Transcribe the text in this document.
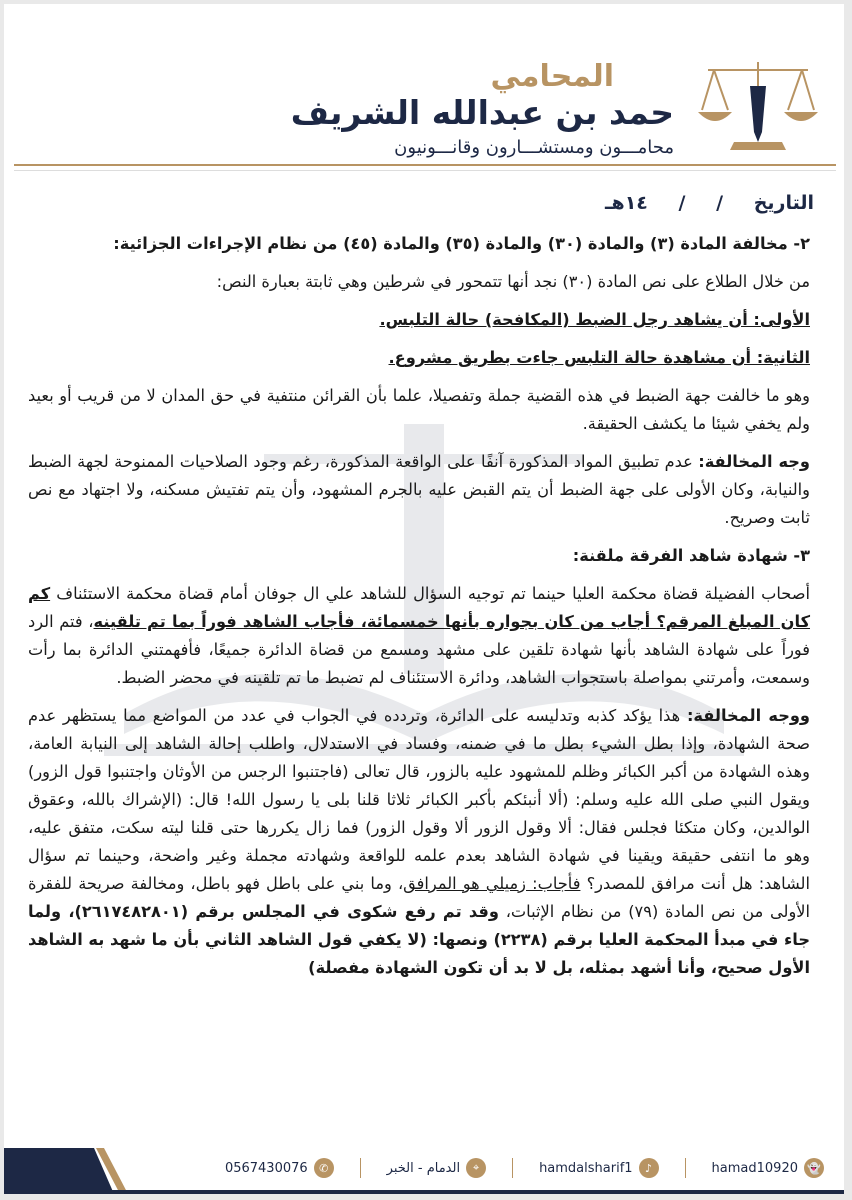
المحامي
حمد بن عبدالله الشريف
محامـــون ومستشـــارون وقانـــونيون
التاريخ / / ١٤هـ

٢- مخالفة المادة (٣) والمادة (٣٠) والمادة (٣٥) والمادة (٤٥) من نظام الإجراءات الجزائية:

من خلال الطلاع على نص المادة (٣٠) نجد أنها تتمحور في شرطين وهي ثابتة بعبارة النص:

الأولى: أن يشاهد رجل الضبط (المكافحة) حالة التلبس.

الثانية: أن مشاهدة حالة التلبس جاءت بطريق مشروع.

وهو ما خالفت جهة الضبط في هذه القضية جملة وتفصيلا، علما بأن القرائن منتفية في حق المدان لا من قريب أو بعيد ولم يخفي شيئا ما يكشف الحقيقة.

وجه المخالفة: عدم تطبيق المواد المذكورة آنفًا على الواقعة المذكورة، رغم وجود الصلاحيات الممنوحة لجهة الضبط والنيابة، وكان الأولى على جهة الضبط أن يتم القبض عليه بالجرم المشهود، وأن يتم تفتيش مسكنه، ولا اجتهاد مع نص ثابت وصريح.

٣- شهادة شاهد الفرقة ملقنة:

أصحاب الفضيلة قضاة محكمة العليا حينما تم توجيه السؤال للشاهد علي ال جوفان أمام قضاة محكمة الاستئناف كم كان المبلغ المرقم؟ أجاب من كان بجواره بأنها خمسمائة، فأجاب الشاهد فوراً بما تم تلقينه، فتم الرد فوراً على شهادة الشاهد بأنها شهادة تلقين على مشهد ومسمع من قضاة الدائرة جميعًا، فأفهمتني الدائرة بما رأت وسمعت، وأمرتني بمواصلة باستجواب الشاهد، ودائرة الاستئناف لم تضبط ما تم تلقينه في محضر الضبط.

ووجه المخالفة: هذا يؤكد كذبه وتدليسه على الدائرة، وتردده في الجواب في عدد من المواضع مما يستظهر عدم صحة الشهادة، وإذا بطل الشيء بطل ما في ضمنه، وفساد في الاستدلال، واطلب إحالة الشاهد إلى النيابة العامة، وهذه الشهادة من أكبر الكبائر وظلم للمشهود عليه بالزور، قال تعالى (فاجتنبوا الرجس من الأوثان واجتنبوا قول الزور) ويقول النبي صلى الله عليه وسلم: (ألا أنبئكم بأكبر الكبائر ثلاثا قلنا بلى يا رسول الله! قال: (الإشراك بالله، وعقوق الوالدين، وكان متكئا فجلس فقال: ألا وقول الزور ألا وقول الزور) فما زال يكررها حتى قلنا ليته سكت، متفق عليه، وهو ما انتفى حقيقة ويقينا في شهادة الشاهد بعدم علمه للواقعة وشهادته مجملة وغير واضحة، وحينما تم سؤال الشاهد: هل أنت مرافق للمصدر؟ فأجاب: زميلي هو المرافق، وما بني على باطل فهو باطل، ومخالفة صريحة للفقرة الأولى من نص المادة (٧٩) من نظام الإثبات، وقد تم رفع شكوى في المجلس برقم (٢٦١٧٤٨٢٨٠١)، ولما جاء في مبدأ المحكمة العليا برقم (٢٢٣٨) ونصها: (لا يكفي قول الشاهد الثاني بأن ما شهد به الشاهد الأول صحيح، وأنا أشهد بمثله، بل لا بد أن تكون الشهادة مفصلة)

👻
hamad10920
♪
hamdalsharif1
⌖
الدمام - الخبر
✆
0567430076
